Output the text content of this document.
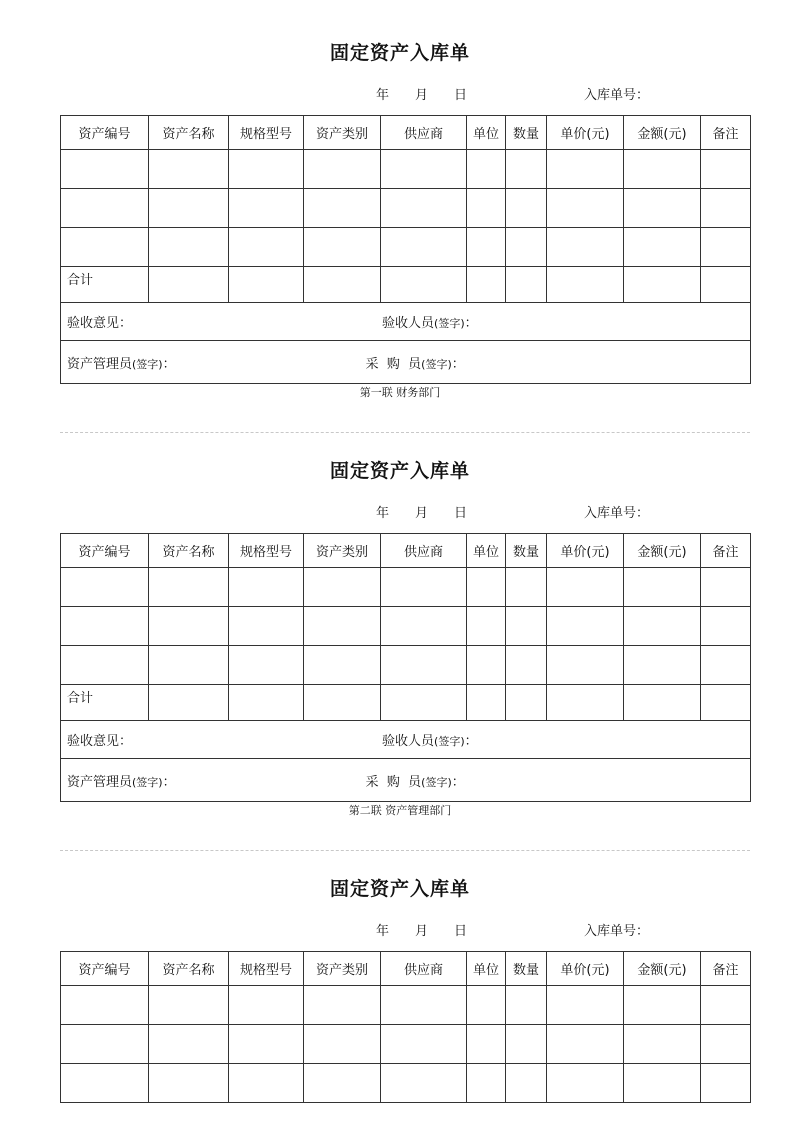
固定资产入库单
年 月 日	入库单号：
资产编号	资产名称	规格型号	资产类别	供应商	单位	数量	单价(元)	金额(元)	备注

合计									
验收意见： 验收人员(签字)：									
资产管理员(签字)： 采  购  员(签字)：									
第一联 财务部门
固定资产入库单
年 月 日	入库单号：
资产编号	资产名称	规格型号	资产类别	供应商	单位	数量	单价(元)	金额(元)	备注

合计									
验收意见： 验收人员(签字)：									
资产管理员(签字)： 采  购  员(签字)：									
第二联 资产管理部门
固定资产入库单
年 月 日	入库单号：
资产编号	资产名称	规格型号	资产类别	供应商	单位	数量	单价(元)	金额(元)	备注
